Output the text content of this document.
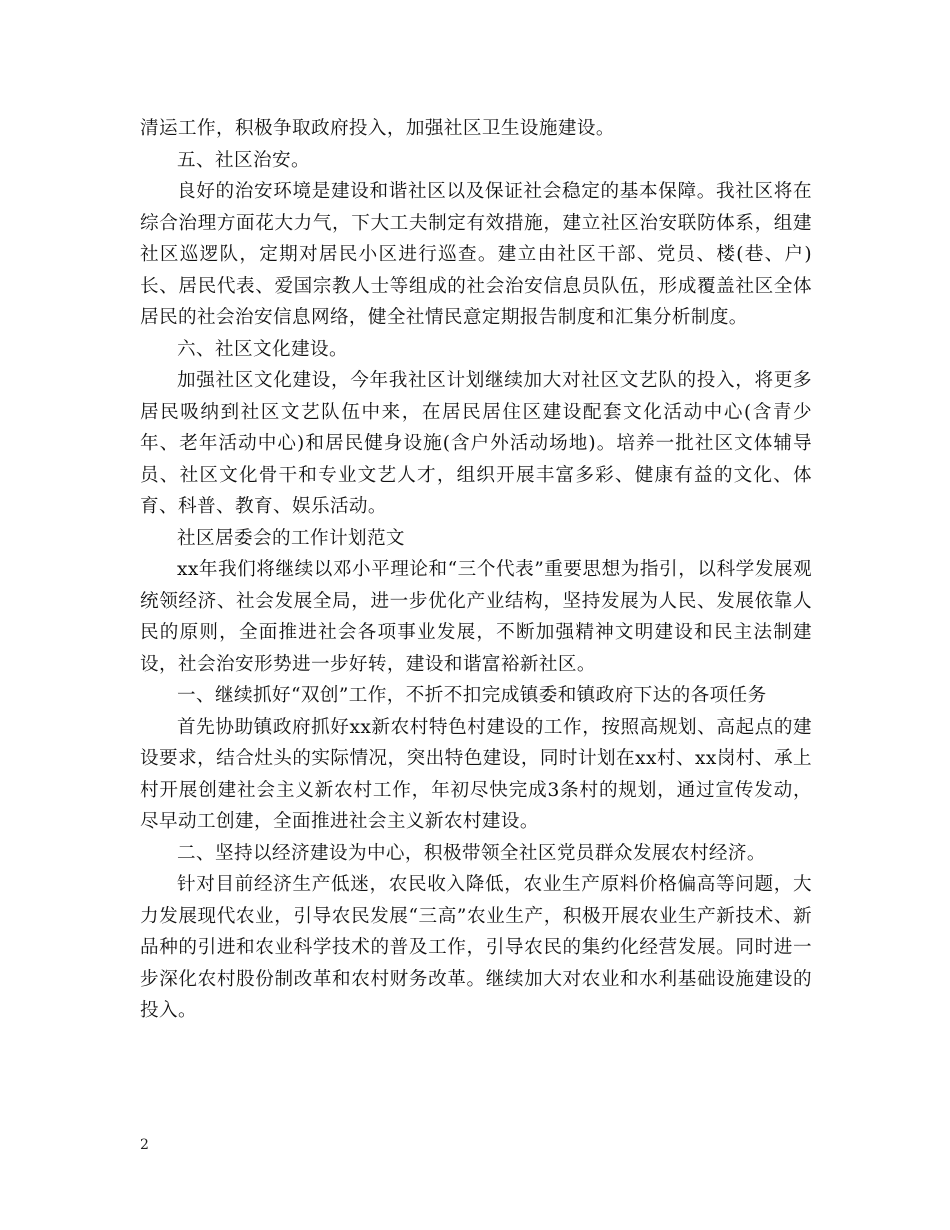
清运工作，积极争取政府投入，加强社区卫生设施建设。

五、社区治安。

良好的治安环境是建设和谐社区以及保证社会稳定的基本保障。我社区将在综合治理方面花大力气，下大工夫制定有效措施，建立社区治安联防体系，组建社区巡逻队，定期对居民小区进行巡查。建立由社区干部、党员、楼(巷、户)长、居民代表、爱国宗教人士等组成的社会治安信息员队伍，形成覆盖社区全体居民的社会治安信息网络，健全社情民意定期报告制度和汇集分析制度。

六、社区文化建设。

加强社区文化建设，今年我社区计划继续加大对社区文艺队的投入，将更多居民吸纳到社区文艺队伍中来，在居民居住区建设配套文化活动中心(含青少年、老年活动中心)和居民健身设施(含户外活动场地)。培养一批社区文体辅导员、社区文化骨干和专业文艺人才，组织开展丰富多彩、健康有益的文化、体育、科普、教育、娱乐活动。

社区居委会的工作计划范文

xx年我们将继续以邓小平理论和“三个代表”重要思想为指引，以科学发展观统领经济、社会发展全局，进一步优化产业结构，坚持发展为人民、发展依靠人民的原则，全面推进社会各项事业发展，不断加强精神文明建设和民主法制建设，社会治安形势进一步好转，建设和谐富裕新社区。

一、继续抓好“双创”工作，不折不扣完成镇委和镇政府下达的各项任务

首先协助镇政府抓好xx新农村特色村建设的工作，按照高规划、高起点的建设要求，结合灶头的实际情况，突出特色建设，同时计划在xx村、xx岗村、承上村开展创建社会主义新农村工作，年初尽快完成3条村的规划，通过宣传发动，尽早动工创建，全面推进社会主义新农村建设。

二、坚持以经济建设为中心，积极带领全社区党员群众发展农村经济。

针对目前经济生产低迷，农民收入降低，农业生产原料价格偏高等问题，大力发展现代农业，引导农民发展“三高”农业生产，积极开展农业生产新技术、新品种的引进和农业科学技术的普及工作，引导农民的集约化经营发展。同时进一步深化农村股份制改革和农村财务改革。继续加大对农业和水利基础设施建设的投入。

2
